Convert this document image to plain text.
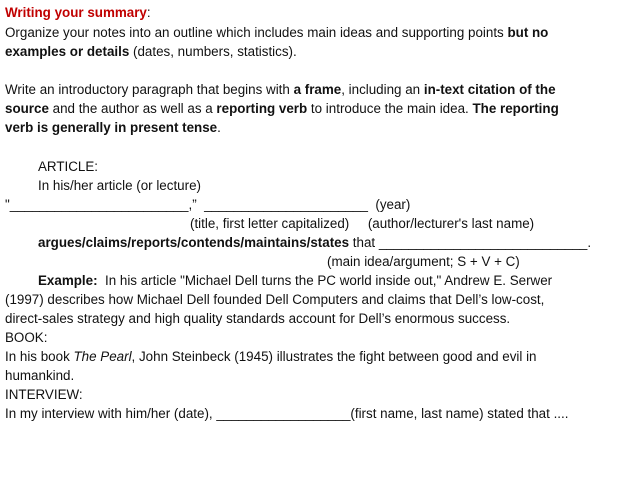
Writing your summary:
Organize your notes into an outline which includes main ideas and supporting points but no
examples or details (dates, numbers, statistics).
Write an introductory paragraph that begins with a frame, including an in-text citation of the
source and the author as well as a reporting verb to introduce the main idea. The reporting
verb is generally in present tense.
ARTICLE:
In his/her article (or lecture)
"________________________,”  ______________________  (year)
(title, first letter capitalized)     (author/lecturer's last name)
argues/claims/reports/contends/maintains/states that ____________________________.
(main idea/argument; S + V + C)
Example:  In his article "Michael Dell turns the PC world inside out," Andrew E. Serwer
(1997) describes how Michael Dell founded Dell Computers and claims that Dell’s low-cost,
direct-sales strategy and high quality standards account for Dell’s enormous success.
BOOK:
In his book The Pearl, John Steinbeck (1945) illustrates the fight between good and evil in
humankind.
INTERVIEW:
In my interview with him/her (date), __________________(first name, last name) stated that ....
